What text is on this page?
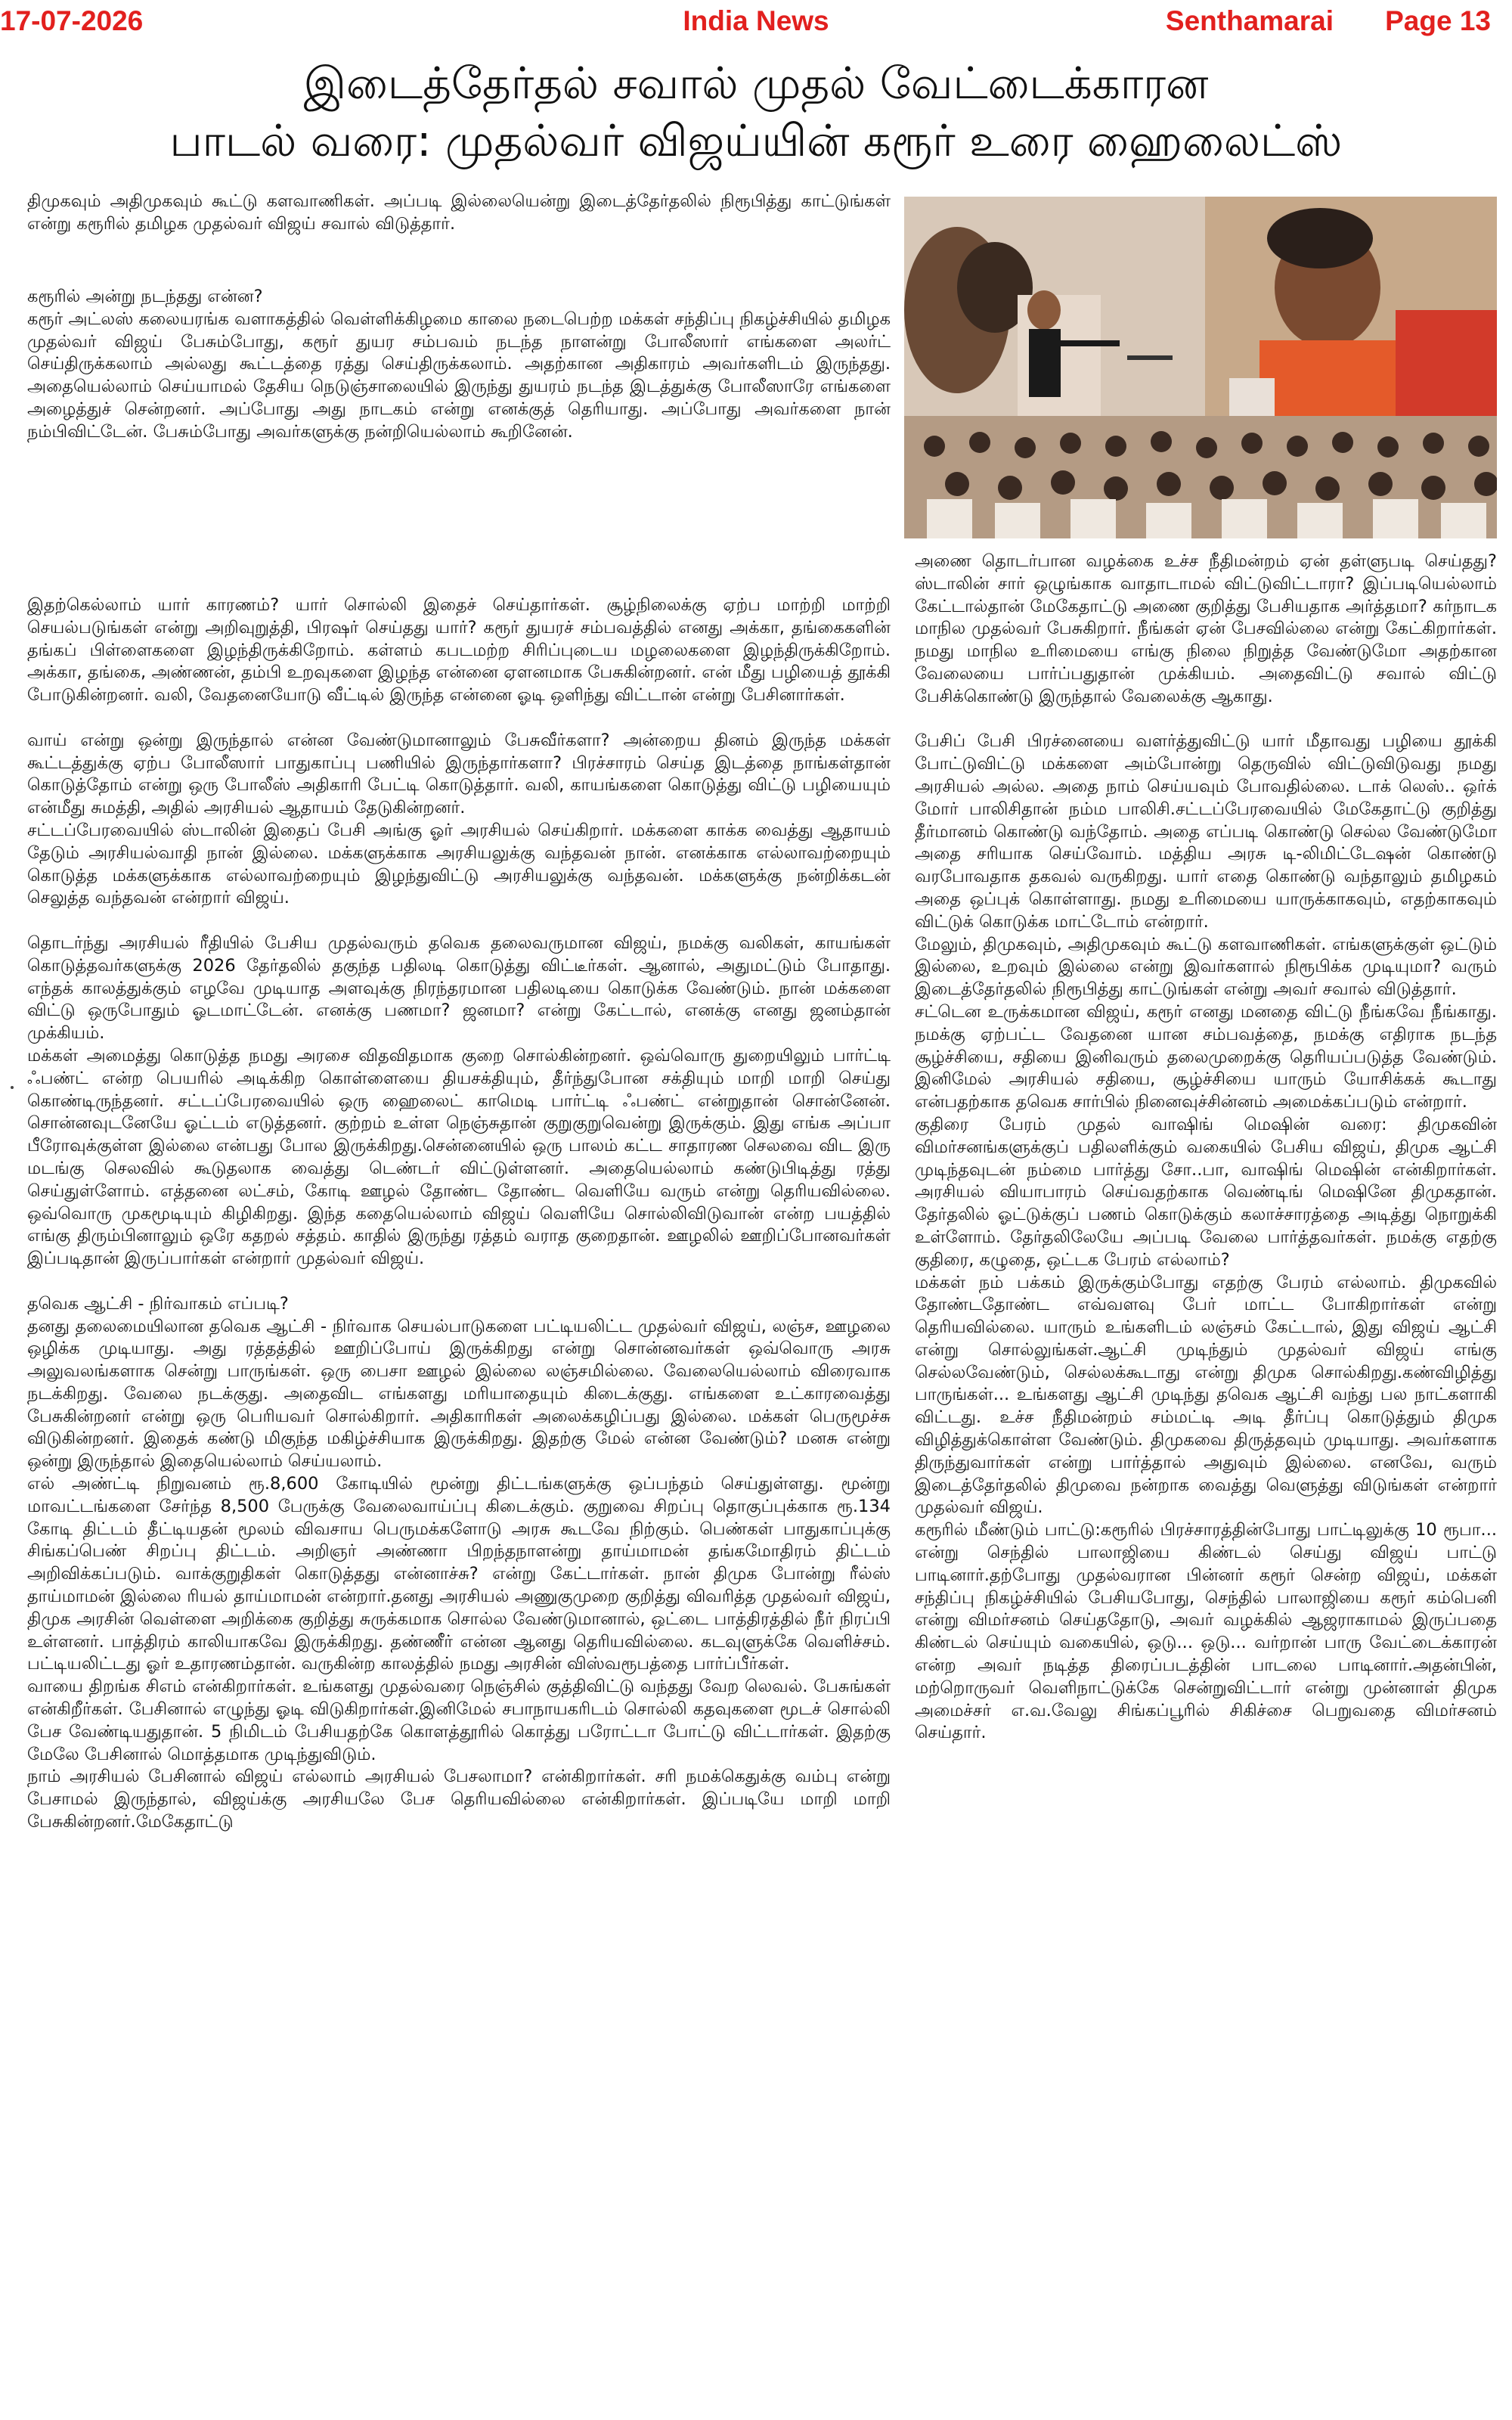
17-07-2026	India News	Senthamarai Page 13
இடைத்தேர்தல் சவால் முதல் வேட்டைக்காரன
பாடல் வரை: முதல்வர் விஜய்யின் கரூர் உரை ஹைலைட்ஸ்

திமுகவும் அதிமுகவும் கூட்டு களவாணிகள். அப்படி இல்லையென்று இடைத்தேர்தலில் நிரூபித்து காட்டுங்கள் என்று கரூரில் தமிழக முதல்வர் விஜய் சவால் விடுத்தார்.

கரூரில் அன்று நடந்தது என்ன?
கரூர் அட்லஸ் கலையரங்க வளாகத்தில் வெள்ளிக்கிழமை காலை நடைபெற்ற மக்கள் சந்திப்பு நிகழ்ச்சியில் தமிழக முதல்வர் விஜய் பேசும்போது, கரூர் துயர சம்பவம் நடந்த நாளன்று போலீஸார் எங்களை அலர்ட் செய்திருக்கலாம் அல்லது கூட்டத்தை ரத்து செய்திருக்கலாம். அதற்கான அதிகாரம் அவர்களிடம் இருந்தது. அதையெல்லாம் செய்யாமல் தேசிய நெடுஞ்சாலையில் இருந்து துயரம் நடந்த இடத்துக்கு போலீஸாரே எங்களை அழைத்துச் சென்றனர். அப்போது அது நாடகம் என்று எனக்குத் தெரியாது. அப்போது அவர்களை நான் நம்பிவிட்டேன். பேசும்போது அவர்களுக்கு நன்றியெல்லாம் கூறினேன்.

இதற்கெல்லாம் யார் காரணம்? யார் சொல்லி இதைச் செய்தார்கள். சூழ்நிலைக்கு ஏற்ப மாற்றி மாற்றி செயல்படுங்கள் என்று அறிவுறுத்தி, பிரஷர் செய்தது யார்? கரூர் துயரச் சம்பவத்தில் எனது அக்கா, தங்கைகளின் தங்கப் பிள்ளைகளை இழந்திருக்கிறோம். கள்ளம் கபடமற்ற சிரிப்புடைய மழலைகளை இழந்திருக்கிறோம். அக்கா, தங்கை, அண்ணன், தம்பி உறவுகளை இழந்த என்னை ஏளனமாக பேசுகின்றனர். என் மீது பழியைத் தூக்கி போடுகின்றனர். வலி, வேதனையோடு வீட்டில் இருந்த என்னை ஓடி ஒளிந்து விட்டான் என்று பேசினார்கள்.

வாய் என்று ஒன்று இருந்தால் என்ன வேண்டுமானாலும் பேசுவீர்களா? அன்றைய தினம் இருந்த மக்கள் கூட்டத்துக்கு ஏற்ப போலீஸார் பாதுகாப்பு பணியில் இருந்தார்களா? பிரச்சாரம் செய்த இடத்தை நாங்கள்தான் கொடுத்தோம் என்று ஒரு போலீஸ் அதிகாரி பேட்டி கொடுத்தார். வலி, காயங்களை கொடுத்து விட்டு பழியையும் என்மீது சுமத்தி, அதில் அரசியல் ஆதாயம் தேடுகின்றனர்.
சட்டப்பேரவையில் ஸ்டாலின் இதைப் பேசி அங்கு ஓர் அரசியல் செய்கிறார். மக்களை காக்க வைத்து ஆதாயம் தேடும் அரசியல்வாதி நான் இல்லை. மக்களுக்காக அரசியலுக்கு வந்தவன் நான். எனக்காக எல்லாவற்றையும் கொடுத்த மக்களுக்காக எல்லாவற்றையும் இழந்துவிட்டு அரசியலுக்கு வந்தவன். மக்களுக்கு நன்றிக்கடன் செலுத்த வந்தவன் என்றார் விஜய்.

தொடர்ந்து அரசியல் ரீதியில் பேசிய முதல்வரும் தவெக தலைவருமான விஜய், நமக்கு வலிகள், காயங்கள் கொடுத்தவர்களுக்கு 2026 தேர்தலில் தகுந்த பதிலடி கொடுத்து விட்டீர்கள். ஆனால், அதுமட்டும் போதாது. எந்தக் காலத்துக்கும் எழவே முடியாத அளவுக்கு நிரந்தரமான பதிலடியை கொடுக்க வேண்டும். நான் மக்களை விட்டு ஒருபோதும் ஓடமாட்டேன். எனக்கு பணமா? ஜனமா? என்று கேட்டால், எனக்கு எனது ஜனம்தான் முக்கியம்.
மக்கள் அமைத்து கொடுத்த நமது அரசை விதவிதமாக குறை சொல்கின்றனர். ஒவ்வொரு துறையிலும் பார்ட்டி ஃபண்ட் என்ற பெயரில் அடிக்கிற கொள்ளையை தியசக்தியும், தீர்ந்துபோன சக்தியும் மாறி மாறி செய்து கொண்டிருந்தனர். சட்டப்பேரவையில் ஒரு ஹைலைட் காமெடி பார்ட்டி ஃபண்ட் என்றுதான் சொன்னேன். சொன்னவுடனேயே ஓட்டம் எடுத்தனர். குற்றம் உள்ள நெஞ்சுதான் குறுகுறுவென்று இருக்கும். இது எங்க அப்பா பீரோவுக்குள்ள இல்லை என்பது போல இருக்கிறது.சென்னையில் ஒரு பாலம் கட்ட சாதாரண செலவை விட இரு மடங்கு செலவில் கூடுதலாக வைத்து டெண்டர் விட்டுள்ளனர். அதையெல்லாம் கண்டுபிடித்து ரத்து செய்துள்ளோம். எத்தனை லட்சம், கோடி ஊழல் தோண்ட தோண்ட வெளியே வரும் என்று தெரியவில்லை. ஒவ்வொரு முகமூடியும் கிழிகிறது. இந்த கதையெல்லாம் விஜய் வெளியே சொல்லிவிடுவான் என்ற பயத்தில் எங்கு திரும்பினாலும் ஒரே கதறல் சத்தம். காதில் இருந்து ரத்தம் வராத குறைதான். ஊழலில் ஊறிப்போனவர்கள் இப்படிதான் இருப்பார்கள் என்றார் முதல்வர் விஜய்.

தவெக ஆட்சி - நிர்வாகம் எப்படி?
தனது தலைமையிலான தவெக ஆட்சி - நிர்வாக செயல்பாடுகளை பட்டியலிட்ட முதல்வர் விஜய், லஞ்ச, ஊழலை ஒழிக்க முடியாது. அது ரத்தத்தில் ஊறிப்போய் இருக்கிறது என்று சொன்னவர்கள் ஒவ்வொரு அரசு அலுவலங்களாக சென்று பாருங்கள். ஒரு பைசா ஊழல் இல்லை லஞ்சமில்லை. வேலையெல்லாம் விரைவாக நடக்கிறது. வேலை நடக்குது. அதைவிட எங்களது மரியாதையும் கிடைக்குது. எங்களை உட்காரவைத்து பேசுகின்றனர் என்று ஒரு பெரியவர் சொல்கிறார். அதிகாரிகள் அலைக்கழிப்பது இல்லை. மக்கள் பெருமூச்சு விடுகின்றனர். இதைக் கண்டு மிகுந்த மகிழ்ச்சியாக இருக்கிறது. இதற்கு மேல் என்ன வேண்டும்? மனசு என்று ஒன்று இருந்தால் இதையெல்லாம் செய்யலாம்.
எல் அண்ட்டி நிறுவனம் ரூ.8,600 கோடியில் மூன்று திட்டங்களுக்கு ஒப்பந்தம் செய்துள்ளது. மூன்று மாவட்டங்களை சேர்ந்த 8,500 பேருக்கு வேலைவாய்ப்பு கிடைக்கும். குறுவை சிறப்பு தொகுப்புக்காக ரூ.134 கோடி திட்டம் தீட்டியதன் மூலம் விவசாய பெருமக்களோடு அரசு கூடவே நிற்கும். பெண்கள் பாதுகாப்புக்கு சிங்கப்பெண் சிறப்பு திட்டம். அறிஞர் அண்ணா பிறந்தநாளன்று தாய்மாமன் தங்கமோதிரம் திட்டம் அறிவிக்கப்படும். வாக்குறுதிகள் கொடுத்தது என்னாச்சு? என்று கேட்டார்கள். நான் திமுக போன்று ரீல்ஸ் தாய்மாமன் இல்லை ரியல் தாய்மாமன் என்றார்.தனது அரசியல் அணுகுமுறை குறித்து விவரித்த முதல்வர் விஜய், திமுக அரசின் வெள்ளை அறிக்கை குறித்து சுருக்கமாக சொல்ல வேண்டுமானால், ஒட்டை பாத்திரத்தில் நீர் நிரப்பி உள்ளனர். பாத்திரம் காலியாகவே இருக்கிறது. தண்ணீர் என்ன ஆனது தெரியவில்லை. கடவுளுக்கே வெளிச்சம். பட்டியலிட்டது ஓர் உதாரணம்தான். வருகின்ற காலத்தில் நமது அரசின் விஸ்வரூபத்தை பார்ப்பீர்கள்.
வாயை திறங்க சிஎம் என்கிறார்கள். உங்களது முதல்வரை நெஞ்சில் குத்திவிட்டு வந்தது வேற லெவல். பேசுங்கள் என்கிறீர்கள். பேசினால் எழுந்து ஓடி விடுகிறார்கள்.இனிமேல் சபாநாயகரிடம் சொல்லி கதவுகளை மூடச் சொல்லி பேச வேண்டியதுதான். 5 நிமிடம் பேசியதற்கே கொளத்தூரில் கொத்து பரோட்டா போட்டு விட்டார்கள். இதற்கு மேலே பேசினால் மொத்தமாக முடிந்துவிடும்.
நாம் அரசியல் பேசினால் விஜய் எல்லாம் அரசியல் பேசலாமா? என்கிறார்கள். சரி நமக்கெதுக்கு வம்பு என்று பேசாமல் இருந்தால், விஜய்க்கு அரசியலே பேச தெரியவில்லை என்கிறார்கள். இப்படியே மாறி மாறி பேசுகின்றனர்.மேகேதாட்டு

அணை தொடர்பான வழக்கை உச்ச நீதிமன்றம் ஏன் தள்ளுபடி செய்தது? ஸ்டாலின் சார் ஒழுங்காக வாதாடாமல் விட்டுவிட்டாரா? இப்படியெல்லாம் கேட்டால்தான் மேகேதாட்டு அணை குறித்து பேசியதாக அர்த்தமா? கர்நாடக மாநில முதல்வர் பேசுகிறார். நீங்கள் ஏன் பேசவில்லை என்று கேட்கிறார்கள். நமது மாநில உரிமையை எங்கு நிலை நிறுத்த வேண்டுமோ அதற்கான வேலையை பார்ப்பதுதான் முக்கியம். அதைவிட்டு சவால் விட்டு பேசிக்கொண்டு இருந்தால் வேலைக்கு ஆகாது.

பேசிப் பேசி பிரச்னையை வளர்த்துவிட்டு யார் மீதாவது பழியை தூக்கி போட்டுவிட்டு மக்களை அம்போன்று தெருவில் விட்டுவிடுவது நமது அரசியல் அல்ல. அதை நாம் செய்யவும் போவதில்லை. டாக் லெஸ்.. ஒர்க் மோர் பாலிசிதான் நம்ம பாலிசி.சட்டப்பேரவையில் மேகேதாட்டு குறித்து தீர்மானம் கொண்டு வந்தோம். அதை எப்படி கொண்டு செல்ல வேண்டுமோ அதை சரியாக செய்வோம். மத்திய அரசு டி-லிமிட்டேஷன் கொண்டு வரபோவதாக தகவல் வருகிறது. யார் எதை கொண்டு வந்தாலும் தமிழகம் அதை ஒப்புக் கொள்ளாது. நமது உரிமையை யாருக்காகவும், எதற்காகவும் விட்டுக் கொடுக்க மாட்டோம் என்றார்.
மேலும், திமுகவும், அதிமுகவும் கூட்டு களவாணிகள். எங்களுக்குள் ஒட்டும் இல்லை, உறவும் இல்லை என்று இவர்களால் நிரூபிக்க முடியுமா? வரும் இடைத்தேர்தலில் நிரூபித்து காட்டுங்கள் என்று அவர் சவால் விடுத்தார்.
சட்டென உருக்கமான விஜய், கரூர் எனது மனதை விட்டு நீங்கவே நீங்காது. நமக்கு ஏற்பட்ட வேதனை யான சம்பவத்தை, நமக்கு எதிராக நடந்த சூழ்ச்சியை, சதியை இனிவரும் தலைமுறைக்கு தெரியப்படுத்த வேண்டும். இனிமேல் அரசியல் சதியை, சூழ்ச்சியை யாரும் யோசிக்கக் கூடாது என்பதற்காக தவெக சார்பில் நினைவுச்சின்னம் அமைக்கப்படும் என்றார்.
குதிரை பேரம் முதல் வாஷிங் மெஷின் வரை: திமுகவின் விமர்சனங்களுக்குப் பதிலளிக்கும் வகையில் பேசிய விஜய், திமுக ஆட்சி முடிந்தவுடன் நம்மை பார்த்து சோ..பா, வாஷிங் மெஷின் என்கிறார்கள். அரசியல் வியாபாரம் செய்வதற்காக வெண்டிங் மெஷினே திமுகதான். தேர்தலில் ஓட்டுக்குப் பணம் கொடுக்கும் கலாச்சாரத்தை அடித்து நொறுக்கி உள்ளோம். தேர்தலிலேயே அப்படி வேலை பார்த்தவர்கள். நமக்கு எதற்கு குதிரை, கழுதை, ஒட்டக பேரம் எல்லாம்?
மக்கள் நம் பக்கம் இருக்கும்போது எதற்கு பேரம் எல்லாம். திமுகவில் தோண்டதோண்ட எவ்வளவு பேர் மாட்ட போகிறார்கள் என்று தெரியவில்லை. யாரும் உங்களிடம் லஞ்சம் கேட்டால், இது விஜய் ஆட்சி என்று சொல்லுங்கள்.ஆட்சி முடிந்தும் முதல்வர் விஜய் எங்கு செல்லவேண்டும், செல்லக்கூடாது என்று திமுக சொல்கிறது.கண்விழித்து பாருங்கள்... உங்களது ஆட்சி முடிந்து தவெக ஆட்சி வந்து பல நாட்களாகி விட்டது. உச்ச நீதிமன்றம் சம்மட்டி அடி தீர்ப்பு கொடுத்தும் திமுக விழித்துக்கொள்ள வேண்டும். திமுகவை திருத்தவும் முடியாது. அவர்களாக திருந்துவார்கள் என்று பார்த்தால் அதுவும் இல்லை. எனவே, வரும் இடைத்தேர்தலில் திமுவை நன்றாக வைத்து வெளுத்து விடுங்கள் என்றார் முதல்வர் விஜய்.
கரூரில் மீண்டும் பாட்டு:கரூரில் பிரச்சாரத்தின்போது பாட்டிலுக்கு 10 ரூபா... என்று செந்தில் பாலாஜியை கிண்டல் செய்து விஜய் பாட்டு பாடினார்.தற்போது முதல்வரான பின்னர் கரூர் சென்ற விஜய், மக்கள் சந்திப்பு நிகழ்ச்சியில் பேசியபோது, செந்தில் பாலாஜியை கரூர் கம்பெனி என்று விமர்சனம் செய்ததோடு, அவர் வழக்கில் ஆஜராகாமல் இருப்பதை கிண்டல் செய்யும் வகையில், ஒடு... ஒடு... வர்றான் பாரு வேட்டைக்காரன் என்ற அவர் நடித்த திரைப்படத்தின் பாடலை பாடினார்.அதன்பின், மற்றொருவர் வெளிநாட்டுக்கே சென்றுவிட்டார் என்று முன்னாள் திமுக அமைச்சர் எ.வ.வேலு சிங்கப்பூரில் சிகிச்சை பெறுவதை விமர்சனம் செய்தார்.
